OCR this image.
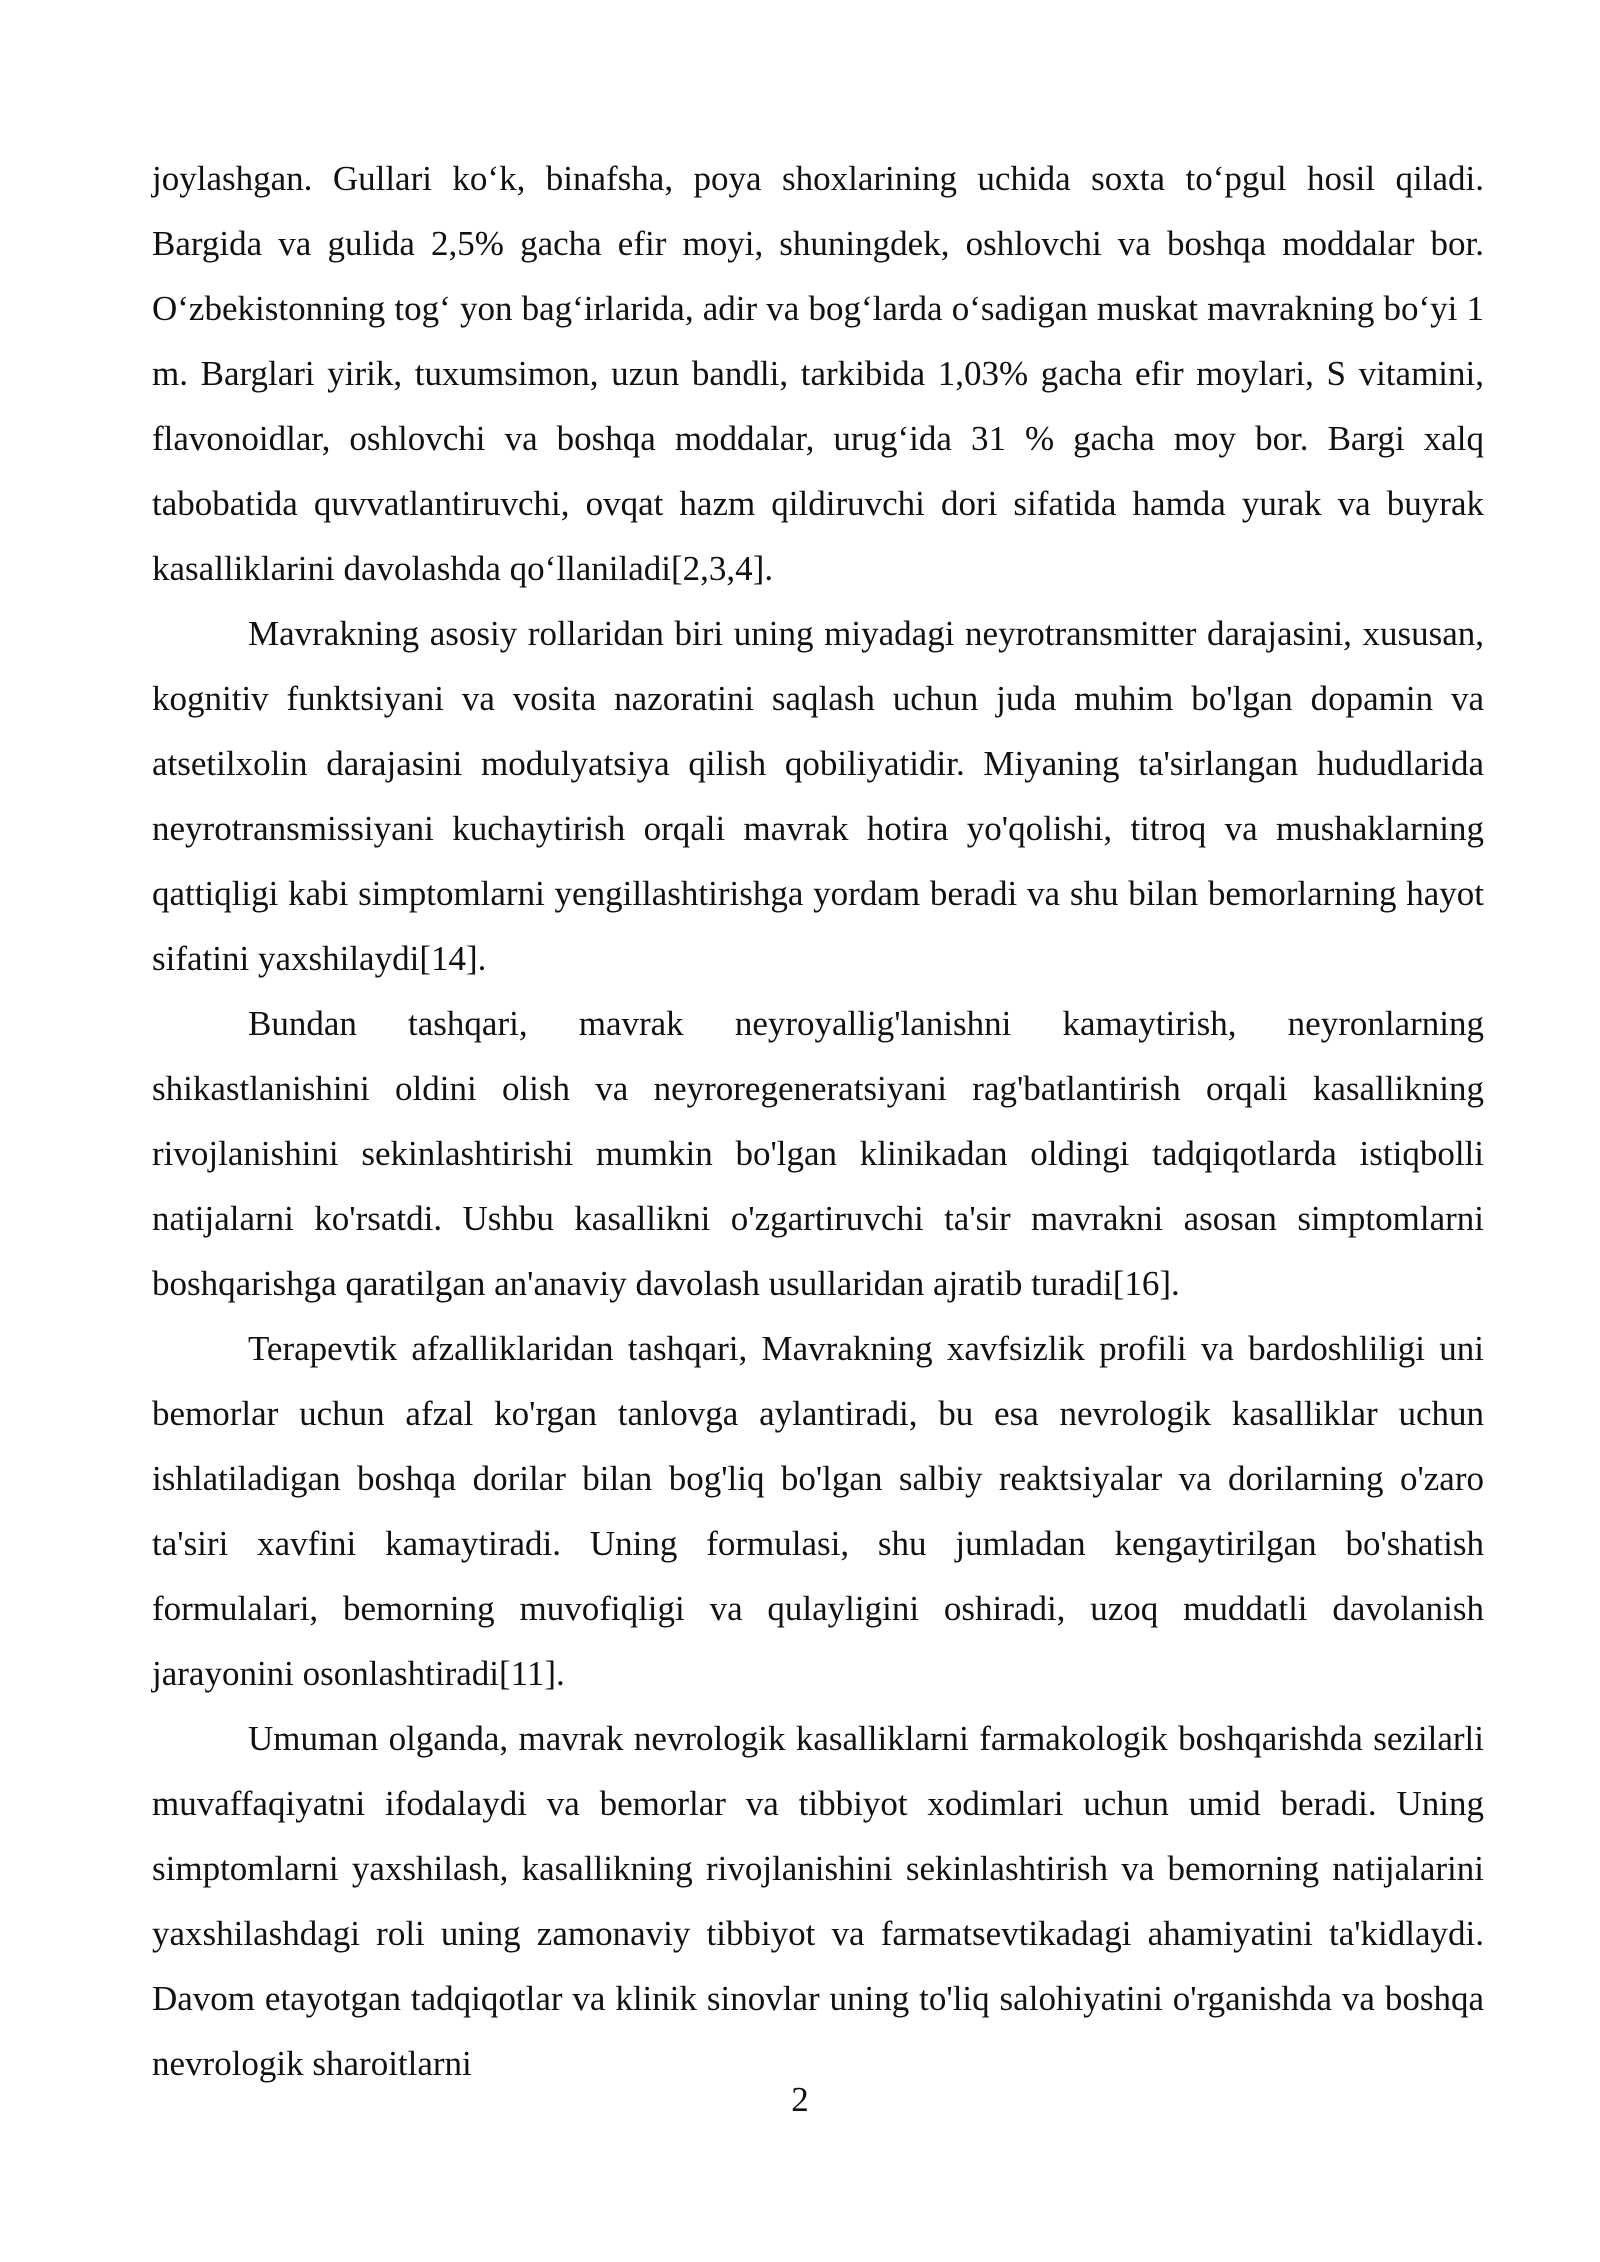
joylashgan. Gullari ko‘k, binafsha, poya shoxlarining uchida soxta to‘pgul hosil qiladi. Bargida va gulida 2,5% gacha efir moyi, shuningdek, oshlovchi va boshqa moddalar bor. O‘zbekistonning tog‘ yon bag‘irlarida, adir va bog‘larda o‘sadigan muskat mavrakning bo‘yi 1 m. Barglari yirik, tuxumsimon, uzun bandli, tarkibida 1,03% gacha efir moylari, S vitamini, flavonoidlar, oshlovchi va boshqa moddalar, urug‘ida 31 % gacha moy bor. Bargi xalq tabobatida quvvatlantiruvchi, ovqat hazm qildiruvchi dori sifatida hamda yurak va buyrak kasalliklarini davolashda qo‘llaniladi[2,3,4].

Mavrakning asosiy rollaridan biri uning miyadagi neyrotransmitter darajasini, xususan, kognitiv funktsiyani va vosita nazoratini saqlash uchun juda muhim bo'lgan dopamin va atsetilxolin darajasini modulyatsiya qilish qobiliyatidir. Miyaning ta'sirlangan hududlarida neyrotransmissiyani kuchaytirish orqali mavrak hotira yo'qolishi, titroq va mushaklarning qattiqligi kabi simptomlarni yengillashtirishga yordam beradi va shu bilan bemorlarning hayot sifatini yaxshilaydi[14].

Bundan tashqari, mavrak neyroyallig'lanishni kamaytirish, neyronlarning shikastlanishini oldini olish va neyroregeneratsiyani rag'batlantirish orqali kasallikning rivojlanishini sekinlashtirishi mumkin bo'lgan klinikadan oldingi tadqiqotlarda istiqbolli natijalarni ko'rsatdi. Ushbu kasallikni o'zgartiruvchi ta'sir mavrakni asosan simptomlarni boshqarishga qaratilgan an'anaviy davolash usullaridan ajratib turadi[16].

Terapevtik afzalliklaridan tashqari, Mavrakning xavfsizlik profili va bardoshliligi uni bemorlar uchun afzal ko'rgan tanlovga aylantiradi, bu esa nevrologik kasalliklar uchun ishlatiladigan boshqa dorilar bilan bog'liq bo'lgan salbiy reaktsiyalar va dorilarning o'zaro ta'siri xavfini kamaytiradi. Uning formulasi, shu jumladan kengaytirilgan bo'shatish formulalari, bemorning muvofiqligi va qulayligini oshiradi, uzoq muddatli davolanish jarayonini osonlashtiradi[11].

Umuman olganda, mavrak nevrologik kasalliklarni farmakologik boshqarishda sezilarli muvaffaqiyatni ifodalaydi va bemorlar va tibbiyot xodimlari uchun umid beradi. Uning simptomlarni yaxshilash, kasallikning rivojlanishini sekinlashtirish va bemorning natijalarini yaxshilashdagi roli uning zamonaviy tibbiyot va farmatsevtikadagi ahamiyatini ta'kidlaydi. Davom etayotgan tadqiqotlar va klinik sinovlar uning to'liq salohiyatini o'rganishda va boshqa nevrologik sharoitlarni

2
